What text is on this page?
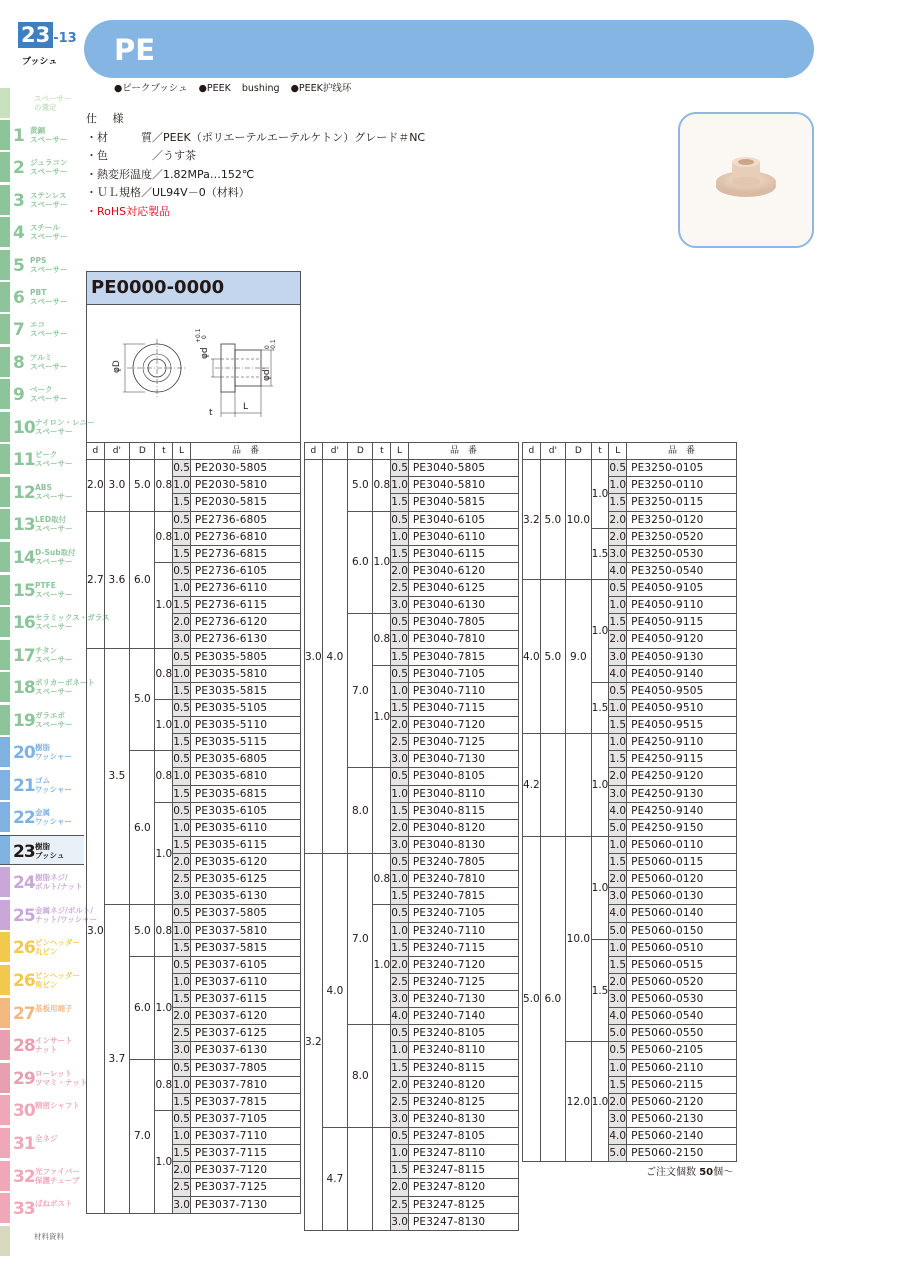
23 -13
ブッシュ
スペーサー
の選定
1 黄銅
スペーサー
2 ジュラコン
スペーサー
3 ステンレス
スペーサー
4 スチール
スペーサー
5 PPS
スペーサー
6 PBT
スペーサー
7 エコ
スペーサー
8 アルミ
スペーサー
9 ベーク
スペーサー
10 ナイロン・レニー
スペーサー
11 ピーク
スペーサー
12 ABS
スペーサー
13 LED取付
スペーサー
14 D-Sub取付
スペーサー
15 PTFE
スペーサー
16 セラミックス・ガラス
スペーサー
17 チタン
スペーサー
18 ポリカーボネート
スペーサー
19 ガラエポ
スペーサー
20 樹脂
ワッシャー
21 ゴム
ワッシャー
22 金属
ワッシャー
23 樹脂
ブッシュ
24 樹脂ネジ/
ボルト/ナット
25 金属ネジ/ボルト/
ナット/ワッシャー
26 ピンヘッダー
丸ピン
26 ピンヘッダー
角ピン
27 基板用端子
28 インサート
ナット
29 ローレット
ツマミ・ナット
30 精密シャフト
31 全ネジ
32 光ファイバー
保護チューブ
33 ばねポスト
材料資料
PE
●ピークブッシュ ●PEEK bushing ●PEEK护线环
仕 様
・材　　　質／PEEK（ポリエーテルエーテルケトン）グレード＃NC
・色　　　　／うす茶
・熱変形温度／1.82MPa…152℃
・ＵＬ規格／UL94V－0（材料）
・RoHS対応製品
PE0000-0000
φD
φd
+0.1 0
φd'
0 -0.1
t
L
d	d'	D	t	L	品　番
2.0	3.0	5.0	0.8	0.5	PE2030-5805
				1.0	PE2030-5810
				1.5	PE2030-5815
2.7	3.6	6.0	0.8	0.5	PE2736-6805
				1.0	PE2736-6810
				1.5	PE2736-6815
			1.0	0.5	PE2736-6105
				1.0	PE2736-6110
				1.5	PE2736-6115
				2.0	PE2736-6120
				3.0	PE2736-6130
3.0	3.5	5.0	0.8	0.5	PE3035-5805
				1.0	PE3035-5810
				1.5	PE3035-5815
			1.0	0.5	PE3035-5105
				1.0	PE3035-5110
				1.5	PE3035-5115
		6.0	0.8	0.5	PE3035-6805
				1.0	PE3035-6810
				1.5	PE3035-6815
			1.0	0.5	PE3035-6105
				1.0	PE3035-6110
				1.5	PE3035-6115
				2.0	PE3035-6120
				2.5	PE3035-6125
				3.0	PE3035-6130
	3.7	5.0	0.8	0.5	PE3037-5805
				1.0	PE3037-5810
				1.5	PE3037-5815
		6.0	1.0	0.5	PE3037-6105
				1.0	PE3037-6110
				1.5	PE3037-6115
				2.0	PE3037-6120
				2.5	PE3037-6125
				3.0	PE3037-6130
		7.0	0.8	0.5	PE3037-7805
				1.0	PE3037-7810
				1.5	PE3037-7815
			1.0	0.5	PE3037-7105
				1.0	PE3037-7110
				1.5	PE3037-7115
				2.0	PE3037-7120
				2.5	PE3037-7125
				3.0	PE3037-7130
d	d'	D	t	L	品　番
3.0	4.0	5.0	0.8	0.5	PE3040-5805
				1.0	PE3040-5810
				1.5	PE3040-5815
		6.0	1.0	0.5	PE3040-6105
				1.0	PE3040-6110
				1.5	PE3040-6115
				2.0	PE3040-6120
				2.5	PE3040-6125
				3.0	PE3040-6130
		7.0	0.8	0.5	PE3040-7805
				1.0	PE3040-7810
				1.5	PE3040-7815
			1.0	0.5	PE3040-7105
				1.0	PE3040-7110
				1.5	PE3040-7115
				2.0	PE3040-7120
				2.5	PE3040-7125
				3.0	PE3040-7130
		8.0		0.5	PE3040-8105
				1.0	PE3040-8110
				1.5	PE3040-8115
				2.0	PE3040-8120
				3.0	PE3040-8130
3.2	4.0	7.0	0.8	0.5	PE3240-7805
				1.0	PE3240-7810
				1.5	PE3240-7815
			1.0	0.5	PE3240-7105
				1.0	PE3240-7110
				1.5	PE3240-7115
				2.0	PE3240-7120
				2.5	PE3240-7125
				3.0	PE3240-7130
				4.0	PE3240-7140
		8.0		0.5	PE3240-8105
				1.0	PE3240-8110
				1.5	PE3240-8115
				2.0	PE3240-8120
				2.5	PE3240-8125
				3.0	PE3240-8130
	4.7			0.5	PE3247-8105
				1.0	PE3247-8110
				1.5	PE3247-8115
				2.0	PE3247-8120
				2.5	PE3247-8125
				3.0	PE3247-8130
d	d'	D	t	L	品　番
3.2	5.0	10.0	1.0	0.5	PE3250-0105
				1.0	PE3250-0110
				1.5	PE3250-0115
				2.0	PE3250-0120
			1.5	2.0	PE3250-0520
				3.0	PE3250-0530
				4.0	PE3250-0540
4.0	5.0	9.0	1.0	0.5	PE4050-9105
				1.0	PE4050-9110
				1.5	PE4050-9115
				2.0	PE4050-9120
				3.0	PE4050-9130
				4.0	PE4050-9140
			1.5	0.5	PE4050-9505
				1.0	PE4050-9510
				1.5	PE4050-9515
4.2			1.0	1.0	PE4250-9110
				1.5	PE4250-9115
				2.0	PE4250-9120
				3.0	PE4250-9130
				4.0	PE4250-9140
				5.0	PE4250-9150
5.0	6.0	10.0	1.0	1.0	PE5060-0110
				1.5	PE5060-0115
				2.0	PE5060-0120
				3.0	PE5060-0130
				4.0	PE5060-0140
				5.0	PE5060-0150
			1.5	1.0	PE5060-0510
				1.5	PE5060-0515
				2.0	PE5060-0520
				3.0	PE5060-0530
				4.0	PE5060-0540
				5.0	PE5060-0550
		12.0	1.0	0.5	PE5060-2105
				1.0	PE5060-2110
				1.5	PE5060-2115
				2.0	PE5060-2120
				3.0	PE5060-2130
				4.0	PE5060-2140
				5.0	PE5060-2150
ご注文個数 50個～
